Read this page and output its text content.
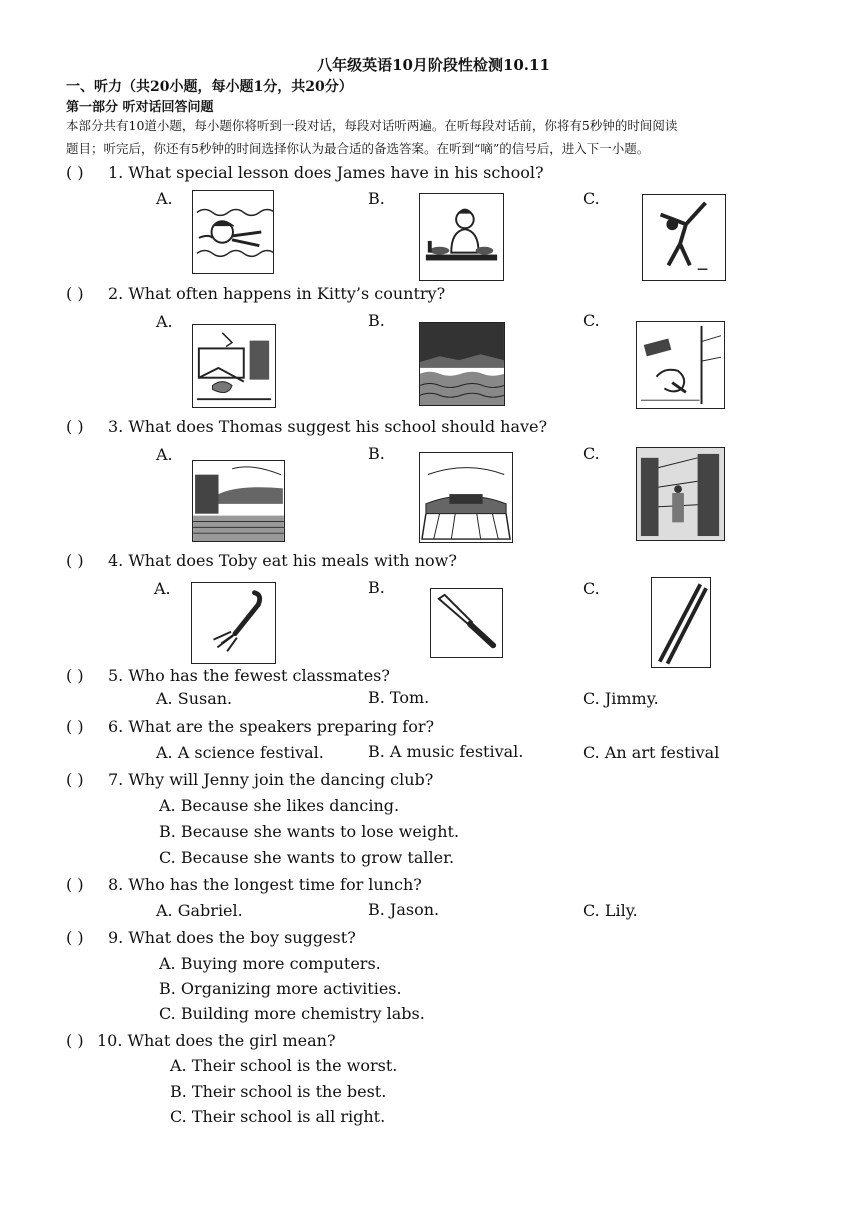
八年级英语10月阶段性检测10.11
一、听力（共20小题，每小题1分，共20分）
第一部分 听对话回答问题
本部分共有10道小题，每小题你将听到一段对话，每段对话听两遍。在听每段对话前，你将有5秒钟的时间阅读
题目；听完后，你还有5秒钟的时间选择你认为最合适的备选答案。在听到“嘀”的信号后，进入下一小题。
( ) 1. What special lesson does James have in his school?
A.	B.	C.
( ) 2. What often happens in Kitty’s country?
A.	B.	C.
( ) 3. What does Thomas suggest his school should have?
A.	B.	C.
( ) 4. What does Toby eat his meals with now?
A.	B.	C.
( ) 5. Who has the fewest classmates?
A. Susan.	B. Tom.	C. Jimmy.
( ) 6. What are the speakers preparing for?
A. A science festival.	B. A music festival.	C. An art festival
( ) 7. Why will Jenny join the dancing club?
A. Because she likes dancing.
B. Because she wants to lose weight.
C. Because she wants to grow taller.
( ) 8. Who has the longest time for lunch?
A. Gabriel.	B. Jason.	C. Lily.
( ) 9. What does the boy suggest?
A. Buying more computers.
B. Organizing more activities.
C. Building more chemistry labs.
( ) 10. What does the girl mean?
A. Their school is the worst.
B. Their school is the best.
C. Their school is all right.
